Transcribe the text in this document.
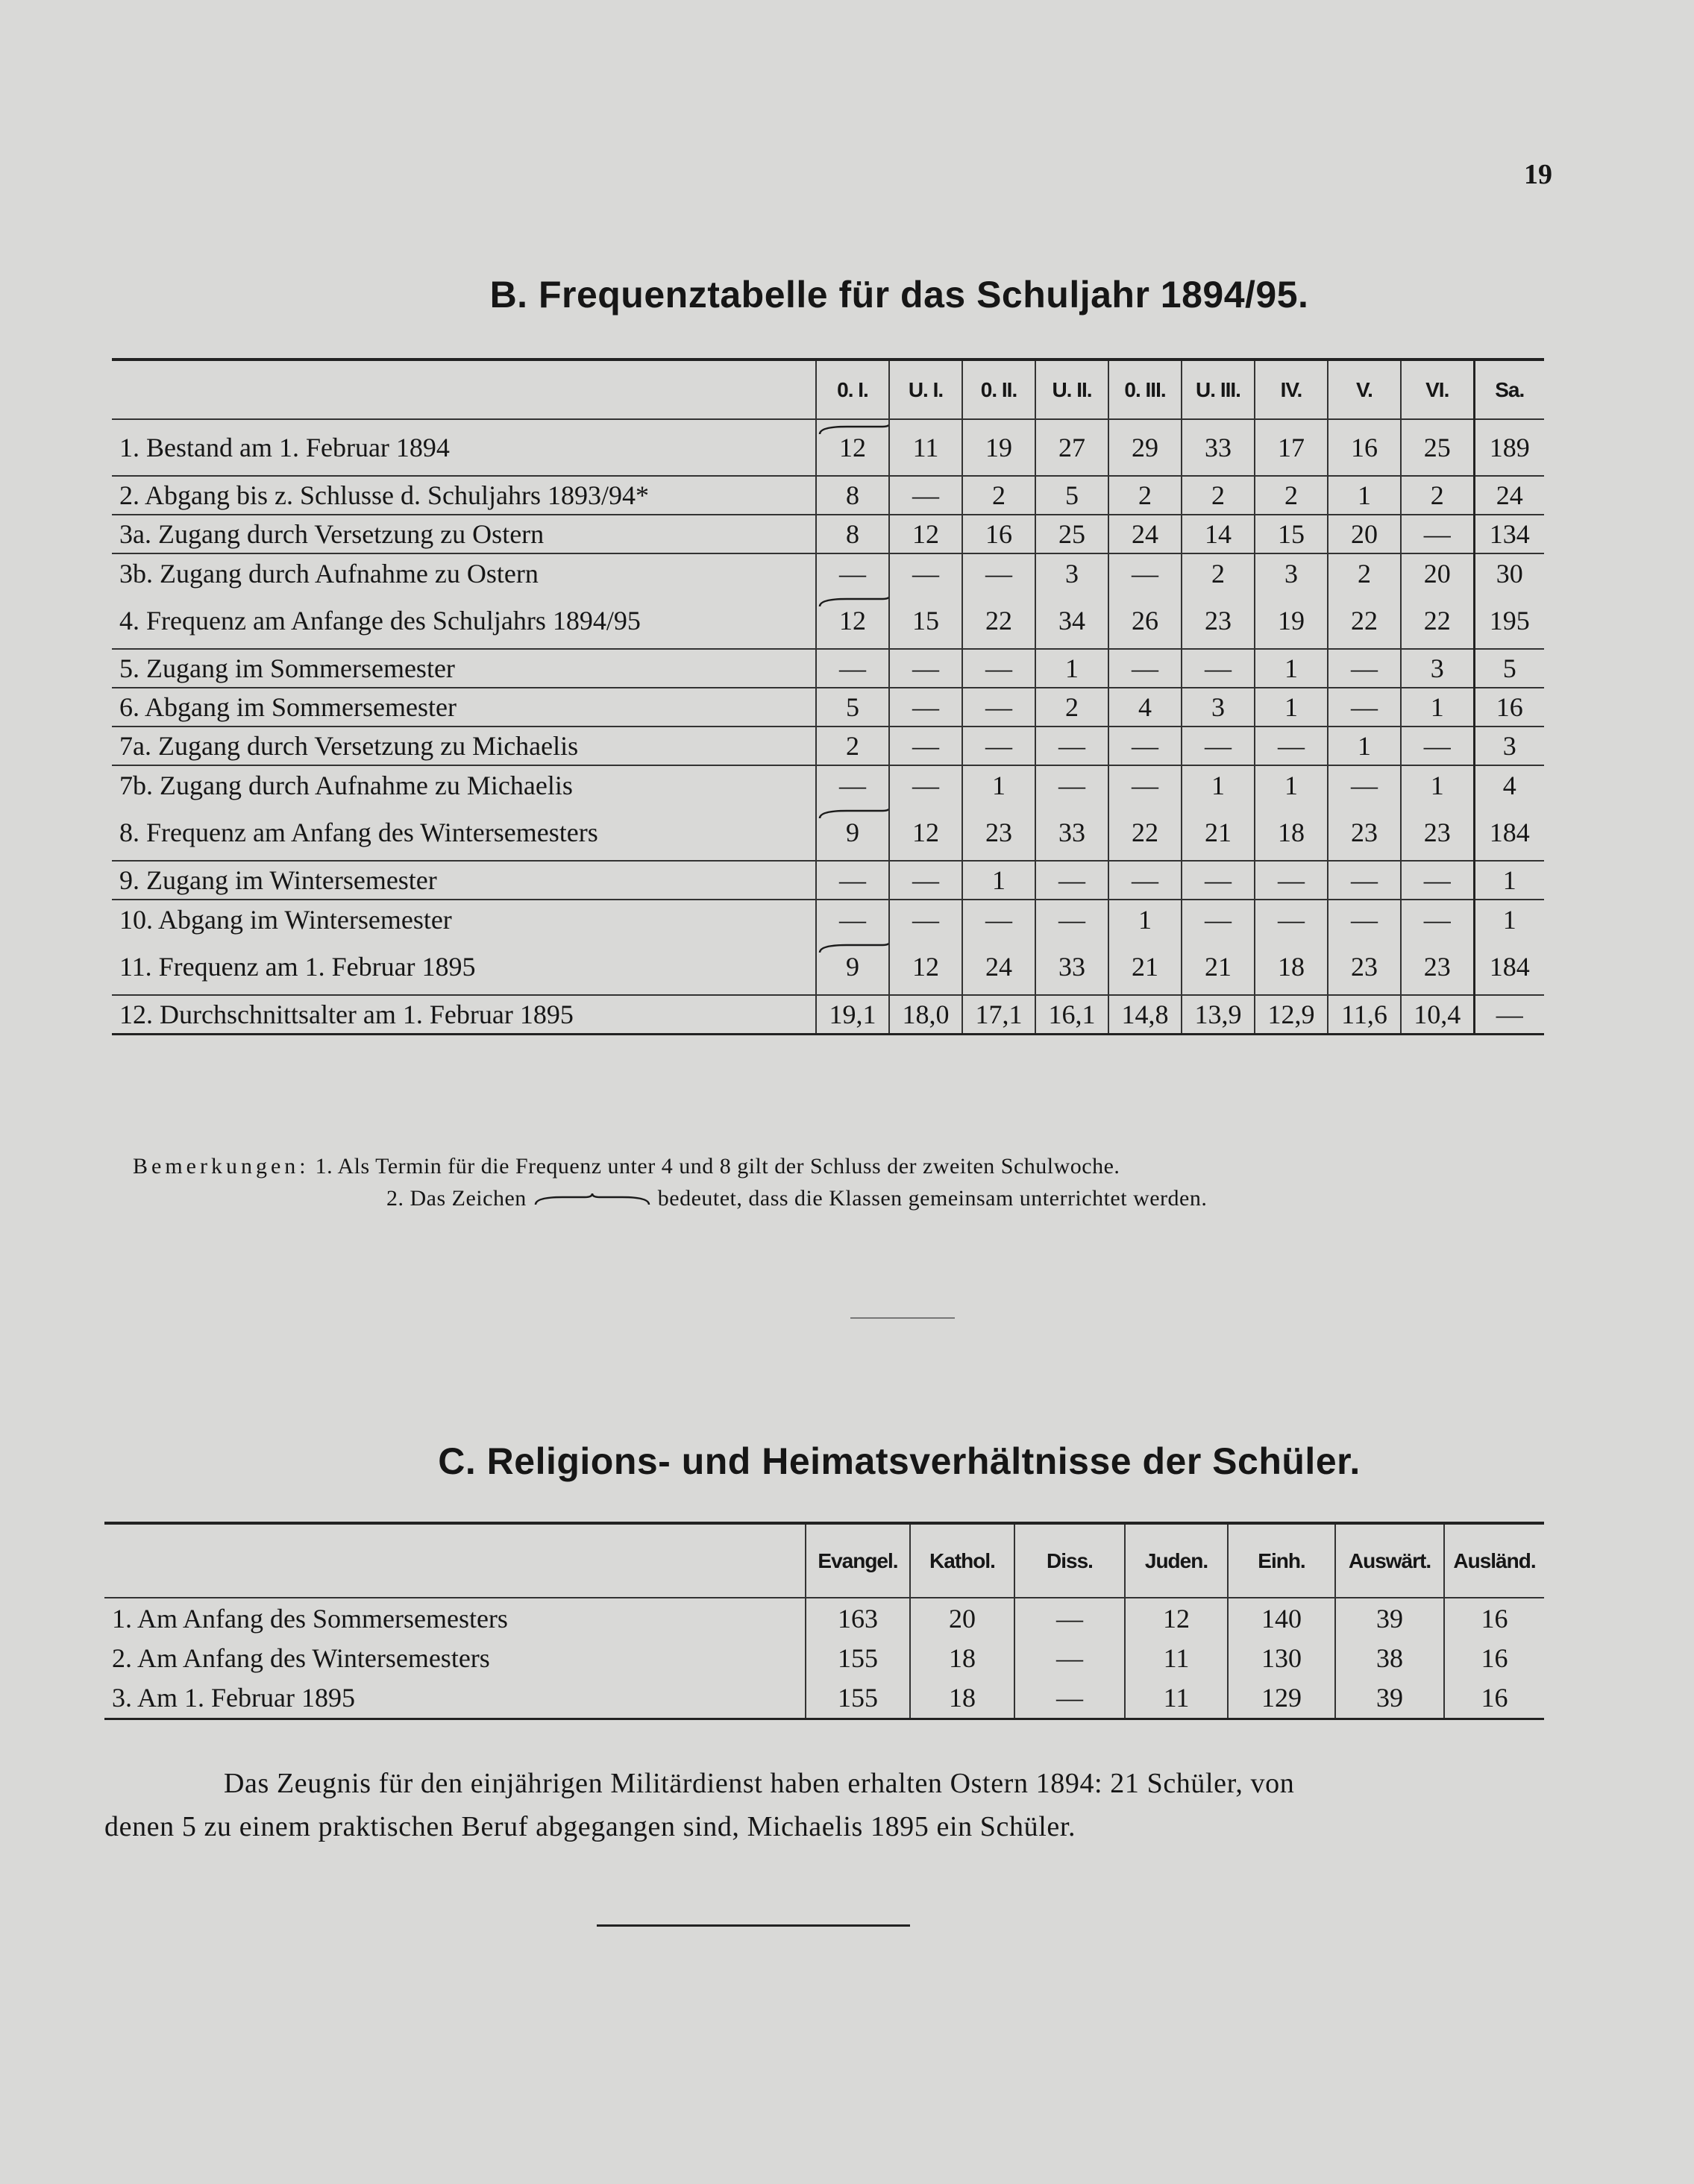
19
B. Frequenztabelle für das Schuljahr 1894/95.
	0. I.	U. I.	0. II.	U. II.	0. III.	U. III.	IV.	V.	VI.	Sa.
1. Bestand am 1. Februar 1894	12	11	19	27	29	33	17	16	25	189
2. Abgang bis z. Schlusse d. Schuljahrs 1893/94*	8	—	2	5	2	2	2	1	2	24
3a. Zugang durch Versetzung zu Ostern	8	12	16	25	24	14	15	20	—	134
3b. Zugang durch Aufnahme zu Ostern	—	—	—	3	—	2	3	2	20	30
4. Frequenz am Anfange des Schuljahrs 1894/95	12	15	22	34	26	23	19	22	22	195
5. Zugang im Sommersemester	—	—	—	1	—	—	1	—	3	5
6. Abgang im Sommersemester	5	—	—	2	4	3	1	—	1	16
7a. Zugang durch Versetzung zu Michaelis	2	—	—	—	—	—	—	1	—	3
7b. Zugang durch Aufnahme zu Michaelis	—	—	1	—	—	1	1	—	1	4
8. Frequenz am Anfang des Wintersemesters	9	12	23	33	22	21	18	23	23	184
9. Zugang im Wintersemester	—	—	1	—	—	—	—	—	—	1
10. Abgang im Wintersemester	—	—	—	—	1	—	—	—	—	1
11. Frequenz am 1. Februar 1895	9	12	24	33	21	21	18	23	23	184
12. Durchschnittsalter am 1. Februar 1895	19,1	18,0	17,1	16,1	14,8	13,9	12,9	11,6	10,4	—
Bemerkungen: 1. Als Termin für die Frequenz unter 4 und 8 gilt der Schluss der zweiten Schulwoche.
2. Das Zeichen	bedeutet, dass die Klassen gemeinsam unterrichtet werden.
C. Religions- und Heimatsverhältnisse der Schüler.
	Evangel.	Kathol.	Diss.	Juden.	Einh.	Auswärt.	Ausländ.
1. Am Anfang des Sommersemesters	163	20	—	12	140	39	16
2. Am Anfang des Wintersemesters	155	18	—	11	130	38	16
3. Am 1. Februar 1895	155	18	—	11	129	39	16
Das Zeugnis für den einjährigen Militärdienst haben erhalten Ostern 1894: 21 Schüler, von
denen 5 zu einem praktischen Beruf abgegangen sind, Michaelis 1895 ein Schüler.
